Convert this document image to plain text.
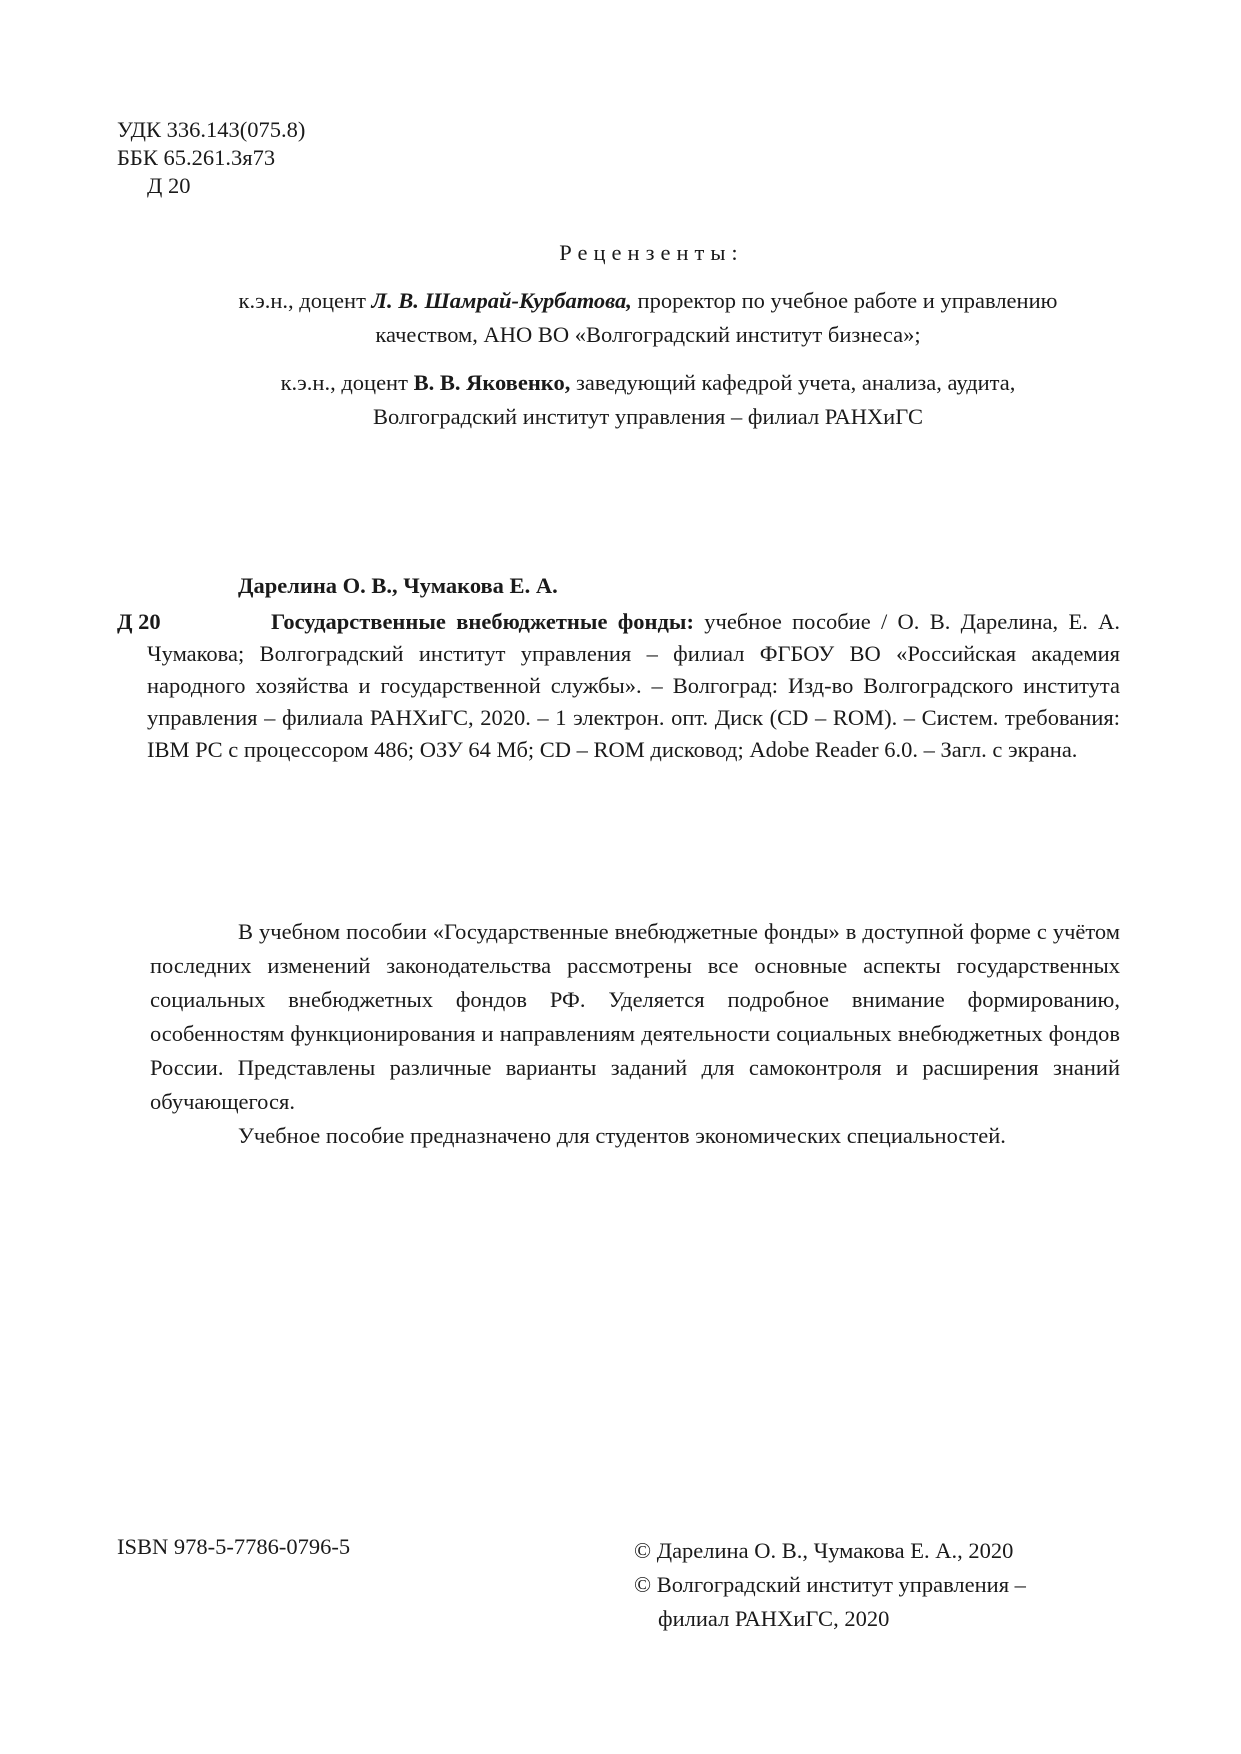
УДК 336.143(075.8)
ББК 65.261.3я73
Д 20
Рецензенты:

к.э.н., доцент Л. В. Шамрай-Курбатова, проректор по учебное работе и управлению

качеством, АНО ВО «Волгоградский институт бизнеса»;

к.э.н., доцент В. В. Яковенко, заведующий кафедрой учета, анализа, аудита,

Волгоградский институт управления – филиал РАНХиГС

Дарелина О. В., Чумакова Е. А.
Д 20	Государственные внебюджетные фонды: учебное пособие / О. В. Дарелина, Е. А. Чумакова; Волгоградский институт управления – филиал ФГБОУ ВО «Российская академия народного хозяйства и государственной службы». – Волгоград: Изд-во Волгоградского института управления – филиала РАНХиГС, 2020. – 1 электрон. опт. Диск (CD – ROM). – Систем. требования: IBM PC с процессором 486; ОЗУ 64 Мб; CD – ROM дисковод; Adobe Reader 6.0. – Загл. с экрана.

В учебном пособии «Государственные внебюджетные фонды» в доступной форме с учётом последних изменений законодательства рассмотрены все основные аспекты государственных социальных внебюджетных фондов РФ. Уделяется подробное внимание формированию, особенностям функционирования и направлениям деятельности социальных внебюджетных фондов России. Представлены различные варианты заданий для самоконтроля и расширения знаний обучающегося.

Учебное пособие предназначено для студентов экономических специальностей.

ISBN 978-5-7786-0796-5	© Дарелина О. В., Чумакова Е. А., 2020
© Волгоградский институт управления –
филиал РАНХиГС, 2020
